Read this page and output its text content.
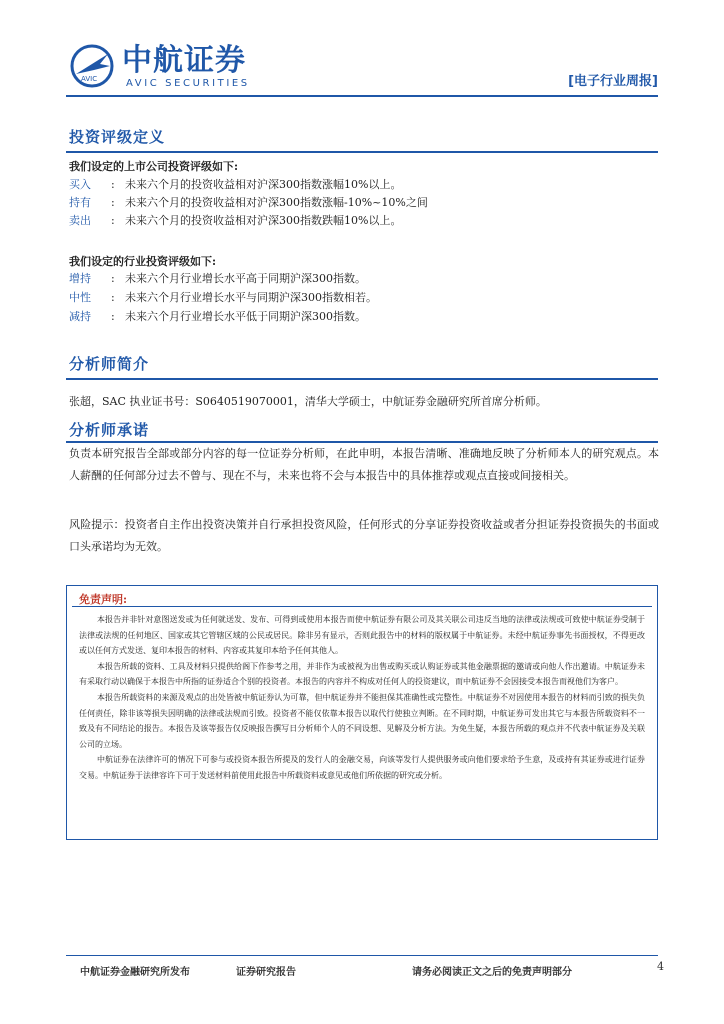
AVIC
中航证券
AVIC SECURITIES	[电子行业周报]
投资评级定义
我们设定的上市公司投资评级如下:
买入 : 未来六个月的投资收益相对沪深300指数涨幅10%以上。
持有 : 未来六个月的投资收益相对沪深300指数涨幅-10%~10%之间
卖出 : 未来六个月的投资收益相对沪深300指数跌幅10%以上。
我们设定的行业投资评级如下:
增持 : 未来六个月行业增长水平高于同期沪深300指数。
中性 : 未来六个月行业增长水平与同期沪深300指数相若。
减持 : 未来六个月行业增长水平低于同期沪深300指数。
分析师简介
张超，SAC 执业证书号：S0640519070001，清华大学硕士，中航证券金融研究所首席分析师。
分析师承诺
负责本研究报告全部或部分内容的每一位证券分析师，在此申明，本报告清晰、准确地反映了分析师本人的研究观点。本人薪酬的任何部分过去不曾与、现在不与，未来也将不会与本报告中的具体推荐或观点直接或间接相关。
风险提示：投资者自主作出投资决策并自行承担投资风险，任何形式的分享证券投资收益或者分担证券投资损失的书面或口头承诺均为无效。
免责声明:

本报告并非针对意图送发或为任何就送发、发布、可得到或使用本报告而使中航证券有限公司及其关联公司违反当地的法律或法规或可致使中航证券受制于法律或法规的任何地区、国家或其它管辖区域的公民或居民。除非另有显示，否则此报告中的材料的版权属于中航证券。未经中航证券事先书面授权，不得更改或以任何方式发送、复印本报告的材料、内容或其复印本给予任何其他人。

本报告所载的资料、工具及材料只提供给阁下作参考之用，并非作为或被视为出售或购买或认购证券或其他金融票据的邀请或向他人作出邀请。中航证券未有采取行动以确保于本报告中所指的证券适合个别的投资者。本报告的内容并不构成对任何人的投资建议，而中航证券不会因接受本报告而视他们为客户。

本报告所载资料的来源及观点的出处皆被中航证券认为可靠，但中航证券并不能担保其准确性或完整性。中航证券不对因使用本报告的材料而引致的损失负任何责任，除非该等损失因明确的法律或法规而引致。投资者不能仅依靠本报告以取代行使独立判断。在不同时期，中航证券可发出其它与本报告所载资料不一致及有不同结论的报告。本报告及该等报告仅反映报告撰写日分析师个人的不同设想、见解及分析方法。为免生疑，本报告所载的观点并不代表中航证券及关联公司的立场。

中航证券在法律许可的情况下可参与或投资本报告所提及的发行人的金融交易，向该等发行人提供服务或向他们要求给予生意，及或持有其证券或进行证券交易。中航证券于法律容许下可于发送材料前使用此报告中所载资料或意见或他们所依据的研究或分析。

中航证券金融研究所发布	证券研究报告	请务必阅读正文之后的免责声明部分	4
